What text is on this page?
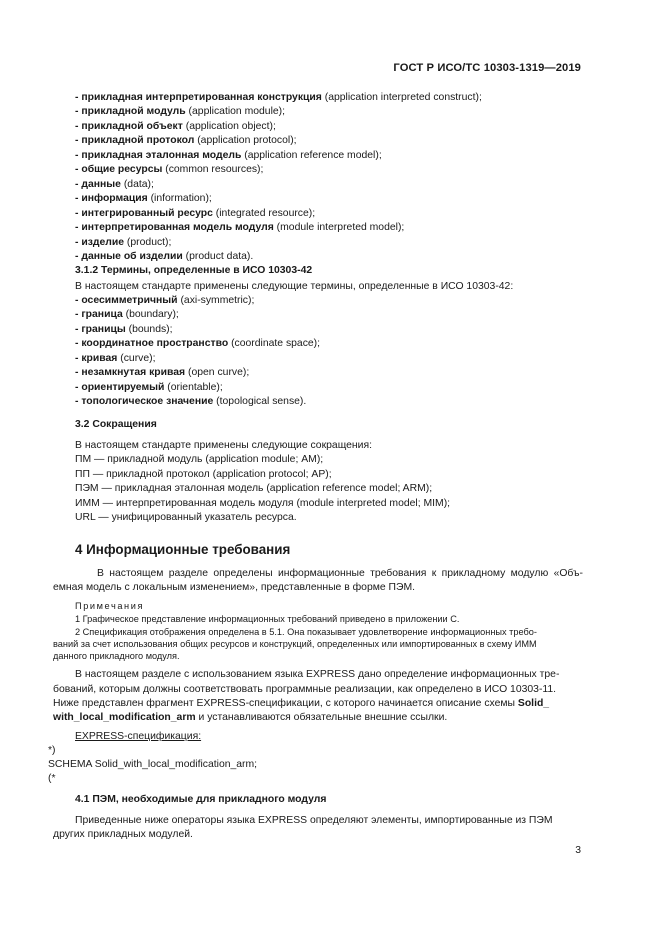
ГОСТ Р ИСО/ТС 10303-1319—2019
- прикладная интерпретированная конструкция (application interpreted construct);
- прикладной модуль (application module);
- прикладной объект (application object);
- прикладной протокол (application protocol);
- прикладная эталонная модель (application reference model);
- общие ресурсы (common resources);
- данные (data);
- информация (information);
- интегрированный ресурс (integrated resource);
- интерпретированная модель модуля (module interpreted model);
- изделие (product);
- данные об изделии (product data).
3.1.2 Термины, определенные в ИСО 10303-42
В настоящем стандарте применены следующие термины, определенные в ИСО 10303-42:
- осесимметричный (axi-symmetric);
- граница (boundary);
- границы (bounds);
- координатное пространство (coordinate space);
- кривая (curve);
- незамкнутая кривая (open curve);
- ориентируемый (orientable);
- топологическое значение (topological sense).
3.2 Сокращения
В настоящем стандарте применены следующие сокращения:
ПМ — прикладной модуль (application module; АМ);
ПП — прикладной протокол (application protocol; АР);
ПЭМ — прикладная эталонная модель (application reference model; ARM);
ИММ — интерпретированная модель модуля (module interpreted model; MIM);
URL — унифицированный указатель ресурса.
4 Информационные требования
В настоящем разделе определены информационные требования к прикладному модулю «Объ-
емная модель с локальным изменением», представленные в форме ПЭМ.
Примечания
1 Графическое представление информационных требований приведено в приложении С.
2 Спецификация отображения определена в 5.1. Она показывает удовлетворение информационных требо-
ваний за счет использования общих ресурсов и конструкций, определенных или импортированных в схему ИММ
данного прикладного модуля.
В настоящем разделе с использованием языка EXPRESS дано определение информационных тре-
бований, которым должны соответствовать программные реализации, как определено в ИСО 10303-11.
Ниже представлен фрагмент EXPRESS-спецификации, с которого начинается описание схемы Solid_
with_local_modification_arm и устанавливаются обязательные внешние ссылки.
EXPRESS-спецификация:
*)
SCHEMA Solid_with_local_modification_arm;
(*
4.1 ПЭМ, необходимые для прикладного модуля
Приведенные ниже операторы языка EXPRESS определяют элементы, импортированные из ПЭМ
других прикладных модулей.
3
